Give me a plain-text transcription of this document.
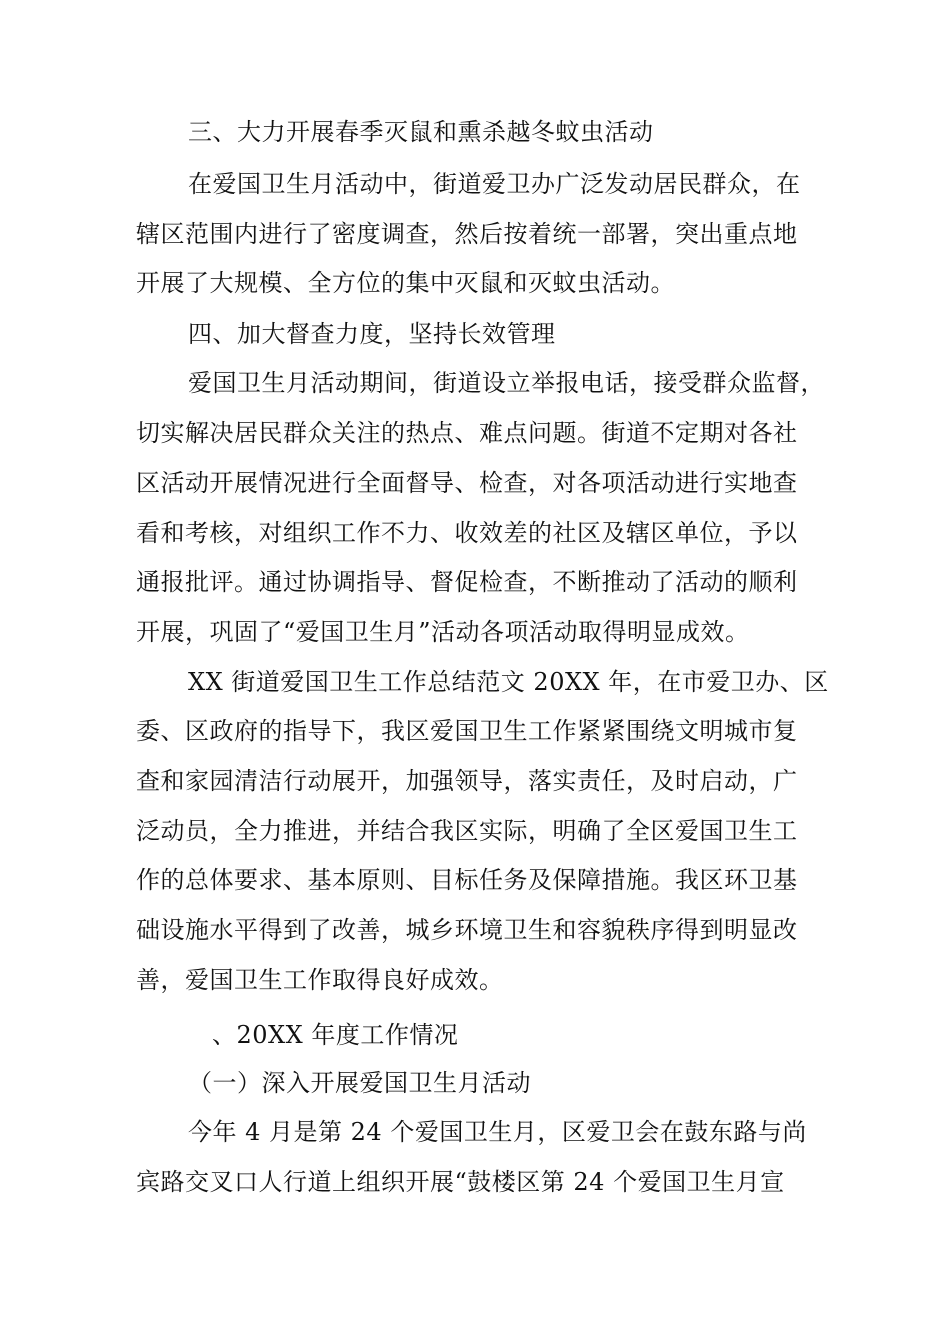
三、大力开展春季灭鼠和熏杀越冬蚊虫活动

在爱国卫生月活动中，街道爱卫办广泛发动居民群众，在

辖区范围内进行了密度调查，然后按着统一部署，突出重点地

开展了大规模、全方位的集中灭鼠和灭蚊虫活动。

四、加大督查力度，坚持长效管理

爱国卫生月活动期间，街道设立举报电话，接受群众监督，

切实解决居民群众关注的热点、难点问题。街道不定期对各社

区活动开展情况进行全面督导、检查，对各项活动进行实地查

看和考核，对组织工作不力、收效差的社区及辖区单位，予以

通报批评。通过协调指导、督促检查，不断推动了活动的顺利

开展，巩固了“爱国卫生月”活动各项活动取得明显成效。

XX 街道爱国卫生工作总结范文 20XX 年，在市爱卫办、区

委、区政府的指导下，我区爱国卫生工作紧紧围绕文明城市复

查和家园清洁行动展开，加强领导，落实责任，及时启动，广

泛动员，全力推进，并结合我区实际，明确了全区爱国卫生工

作的总体要求、基本原则、目标任务及保障措施。我区环卫基

础设施水平得到了改善，城乡环境卫生和容貌秩序得到明显改

善，爱国卫生工作取得良好成效。

、20XX 年度工作情况

（一）深入开展爱国卫生月活动

今年 4 月是第 24 个爱国卫生月，区爱卫会在鼓东路与尚

宾路交叉口人行道上组织开展“鼓楼区第 24 个爱国卫生月宣
